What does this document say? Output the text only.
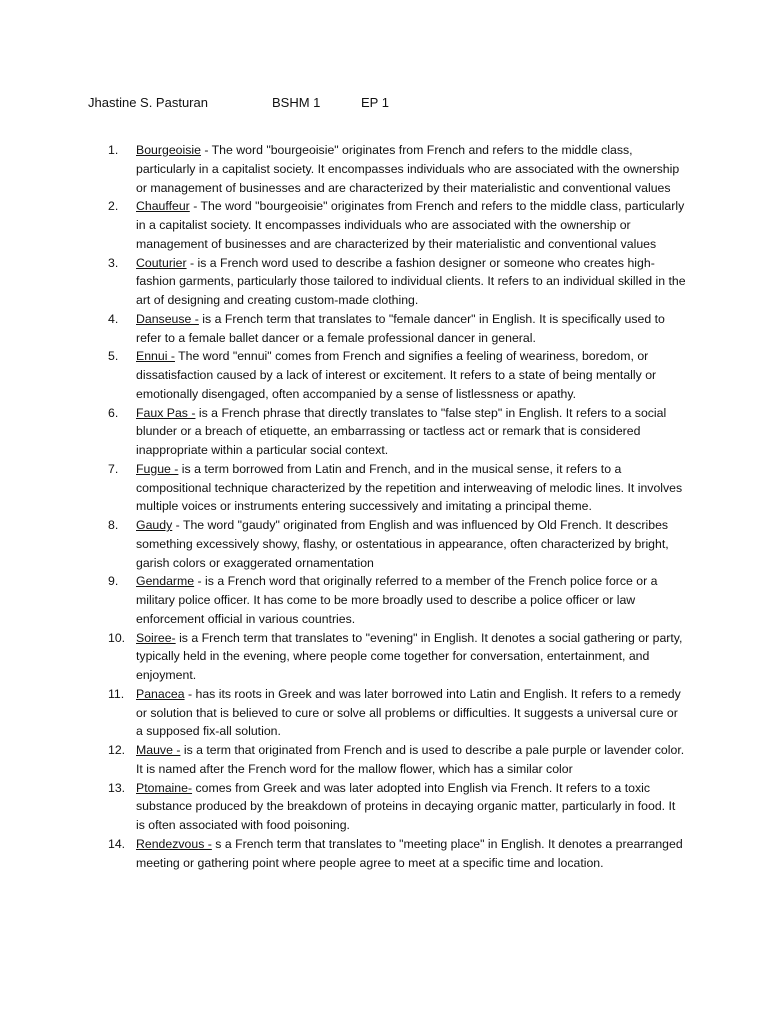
Jhastine S. Pasturan	BSHM 1	EP 1
1.	Bourgeoisie - The word "bourgeoisie" originates from French and refers to the middle class, particularly in a capitalist society. It encompasses individuals who are associated with the ownership or management of businesses and are characterized by their materialistic and conventional values
2.	Chauffeur - The word "bourgeoisie" originates from French and refers to the middle class, particularly in a capitalist society. It encompasses individuals who are associated with the ownership or management of businesses and are characterized by their materialistic and conventional values
3.	Couturier - is a French word used to describe a fashion designer or someone who creates high-fashion garments, particularly those tailored to individual clients. It refers to an individual skilled in the art of designing and creating custom-made clothing.
4.	Danseuse - is a French term that translates to "female dancer" in English. It is specifically used to refer to a female ballet dancer or a female professional dancer in general.
5.	Ennui - The word "ennui" comes from French and signifies a feeling of weariness, boredom, or dissatisfaction caused by a lack of interest or excitement. It refers to a state of being mentally or emotionally disengaged, often accompanied by a sense of listlessness or apathy.
6.	Faux Pas - is a French phrase that directly translates to "false step" in English. It refers to a social blunder or a breach of etiquette, an embarrassing or tactless act or remark that is considered inappropriate within a particular social context.
7.	Fugue - is a term borrowed from Latin and French, and in the musical sense, it refers to a compositional technique characterized by the repetition and interweaving of melodic lines. It involves multiple voices or instruments entering successively and imitating a principal theme.
8.	Gaudy - The word "gaudy" originated from English and was influenced by Old French. It describes something excessively showy, flashy, or ostentatious in appearance, often characterized by bright, garish colors or exaggerated ornamentation
9.	Gendarme - is a French word that originally referred to a member of the French police force or a military police officer. It has come to be more broadly used to describe a police officer or law enforcement official in various countries.
10. Soiree- is a French term that translates to "evening" in English. It denotes a social gathering or party, typically held in the evening, where people come together for conversation, entertainment, and enjoyment.
11. Panacea - has its roots in Greek and was later borrowed into Latin and English. It refers to a remedy or solution that is believed to cure or solve all problems or difficulties. It suggests a universal cure or a supposed fix-all solution.
12. Mauve - is a term that originated from French and is used to describe a pale purple or lavender color. It is named after the French word for the mallow flower, which has a similar color
13. Ptomaine- comes from Greek and was later adopted into English via French. It refers to a toxic substance produced by the breakdown of proteins in decaying organic matter, particularly in food. It is often associated with food poisoning.
14. Rendezvous - s a French term that translates to "meeting place" in English. It denotes a prearranged meeting or gathering point where people agree to meet at a specific time and location.
